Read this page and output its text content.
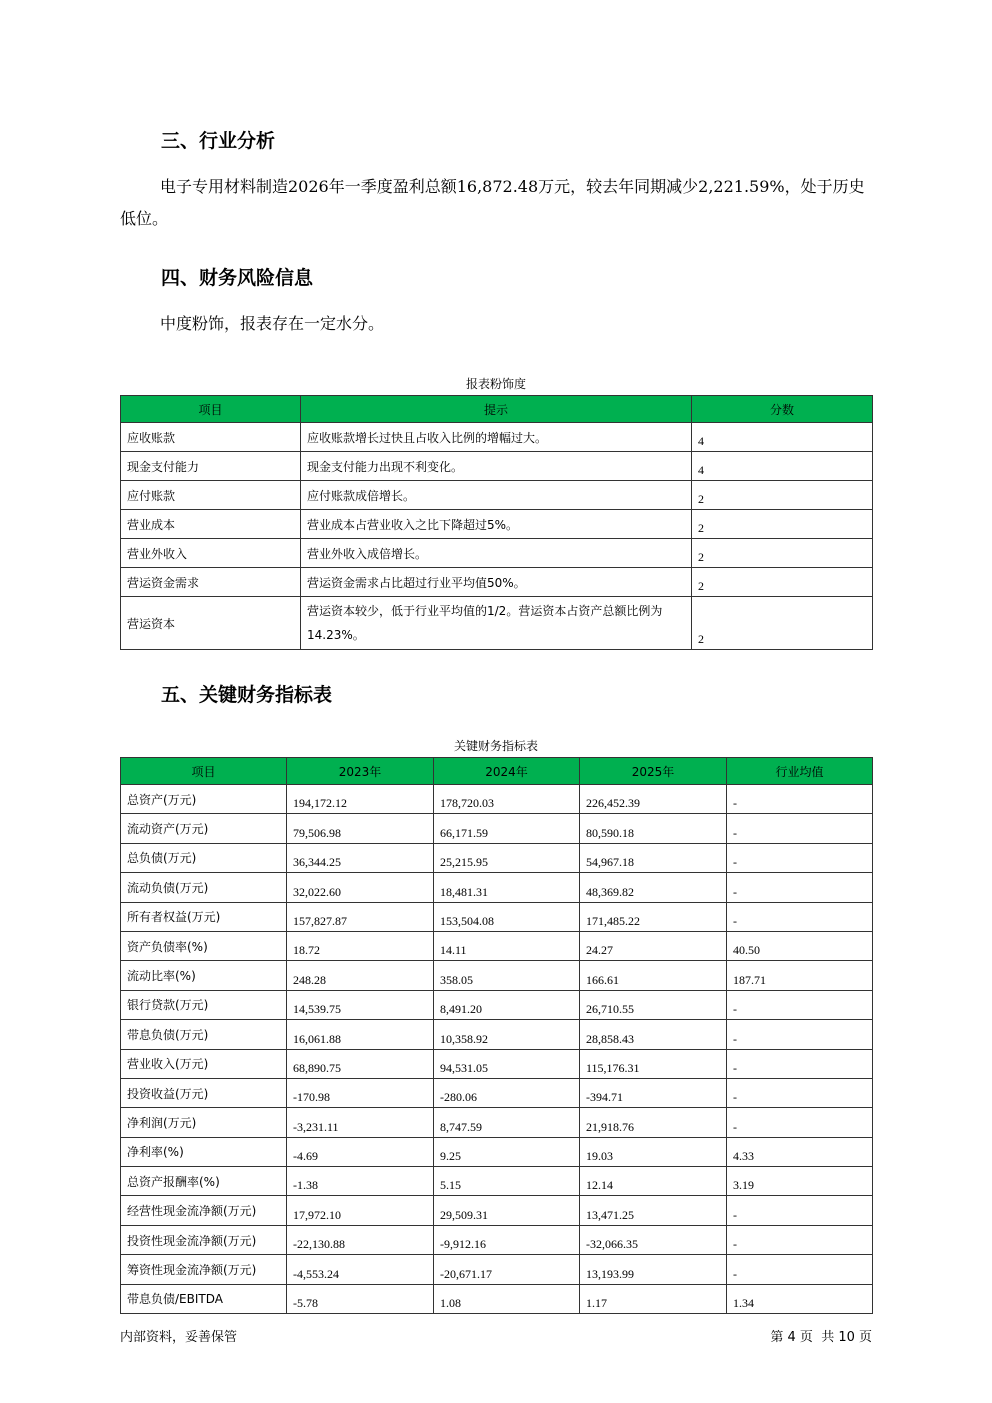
三、行业分析

电子专用材料制造2026年一季度盈利总额16,872.48万元，较去年同期减少2,221.59%，处于历史低位。

四、财务风险信息

中度粉饰，报表存在一定水分。

报表粉饰度
项目	提示	分数
应收账款	应收账款增长过快且占收入比例的增幅过大。	4
现金支付能力	现金支付能力出现不利变化。	4
应付账款	应付账款成倍增长。	2
营业成本	营业成本占营业收入之比下降超过5%。	2
营业外收入	营业外收入成倍增长。	2
营运资金需求	营运资金需求占比超过行业平均值50%。	2
营运资本	营运资本较少，低于行业平均值的1/2。营运资本占资产总额比例为14.23%。	2
五、关键财务指标表
关键财务指标表
项目	2023年	2024年	2025年	行业均值
总资产(万元)	194,172.12	178,720.03	226,452.39	-
流动资产(万元)	79,506.98	66,171.59	80,590.18	-
总负债(万元)	36,344.25	25,215.95	54,967.18	-
流动负债(万元)	32,022.60	18,481.31	48,369.82	-
所有者权益(万元)	157,827.87	153,504.08	171,485.22	-
资产负债率(%)	18.72	14.11	24.27	40.50
流动比率(%)	248.28	358.05	166.61	187.71
银行贷款(万元)	14,539.75	8,491.20	26,710.55	-
带息负债(万元)	16,061.88	10,358.92	28,858.43	-
营业收入(万元)	68,890.75	94,531.05	115,176.31	-
投资收益(万元)	-170.98	-280.06	-394.71	-
净利润(万元)	-3,231.11	8,747.59	21,918.76	-
净利率(%)	-4.69	9.25	19.03	4.33
总资产报酬率(%)	-1.38	5.15	12.14	3.19
经营性现金流净额(万元)	17,972.10	29,509.31	13,471.25	-
投资性现金流净额(万元)	-22,130.88	-9,912.16	-32,066.35	-
筹资性现金流净额(万元)	-4,553.24	-20,671.17	13,193.99	-
带息负债/EBITDA	-5.78	1.08	1.17	1.34
内部资料，妥善保管	第 4 页  共 10 页
